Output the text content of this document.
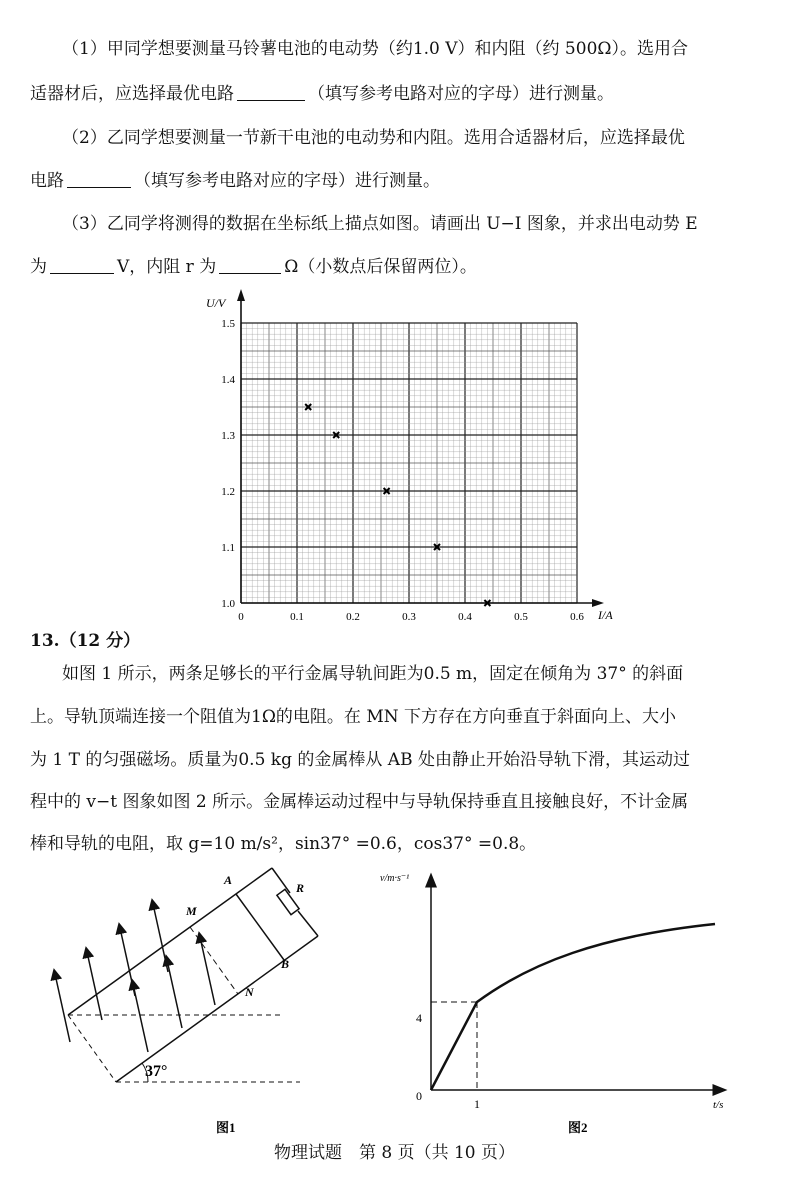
（1）甲同学想要测量马铃薯电池的电动势（约1.0 V）和内阻（约 500Ω）。选用合
适器材后，应选择最优电路	（填写参考电路对应的字母）进行测量。
（2）乙同学想要测量一节新干电池的电动势和内阻。选用合适器材后，应选择最优
电路	（填写参考电路对应的字母）进行测量。
（3）乙同学将测得的数据在坐标纸上描点如图。请画出 U−I 图象，并求出电动势 E
为	V，内阻 r 为	Ω（小数点后保留两位）。
0	0.1	0.2	0.3	0.4	0.5	0.6
1.0
1.1
1.2
1.3
1.4
1.5
U/V
I/A
13.（12 分）
如图 1 所示，两条足够长的平行金属导轨间距为0.5 m，固定在倾角为 37° 的斜面
上。导轨顶端连接一个阻值为1Ω的电阻。在 MN 下方存在方向垂直于斜面向上、大小
为 1 T 的匀强磁场。质量为0.5 kg 的金属棒从 AB 处由静止开始沿导轨下滑，其运动过
程中的 v−t 图象如图 2 所示。金属棒运动过程中与导轨保持垂直且接触良好，不计金属
棒和导轨的电阻，取 g=10 m/s²，sin37° =0.6，cos37° =0.8。
37°
A
M
R
B
N
图1
v/m·s⁻¹
t/s
4
1
0
图2
物理试题　第 8 页（共 10 页）
